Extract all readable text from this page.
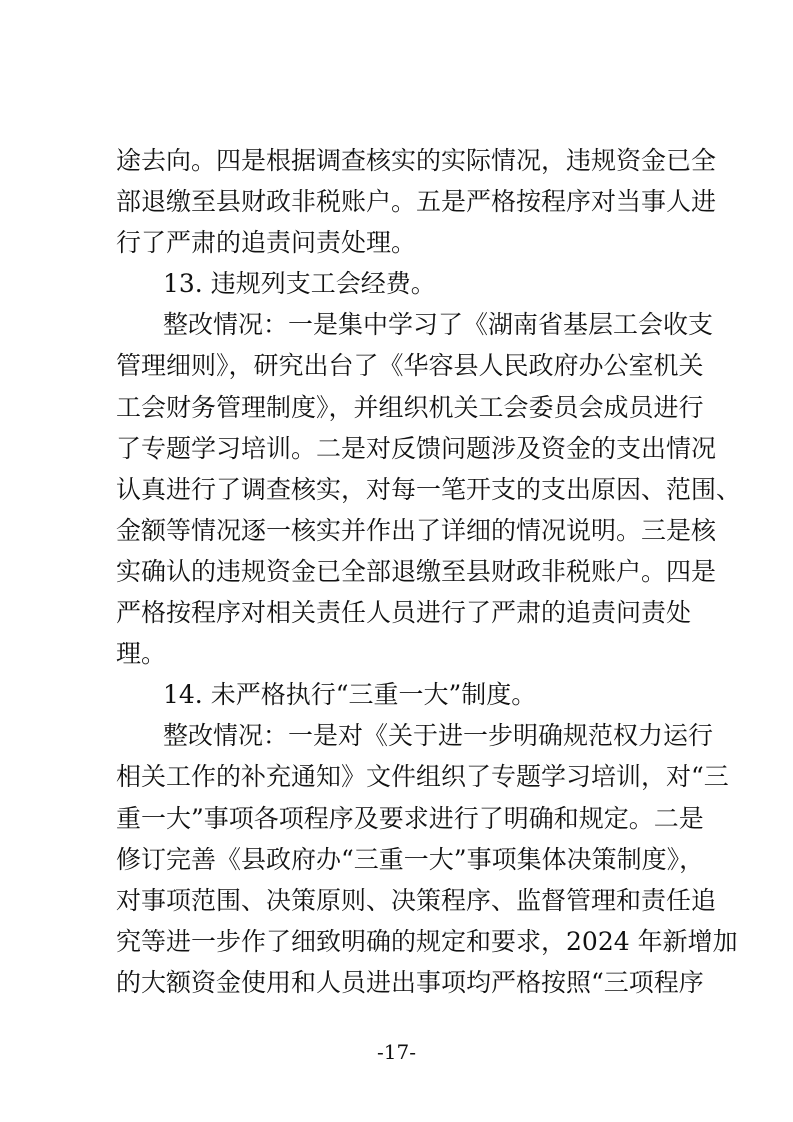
途去向。四是根据调查核实的实际情况，违规资金已全
部退缴至县财政非税账户。五是严格按程序对当事人进
行了严肃的追责问责处理。
13. 违规列支工会经费。
整改情况：一是集中学习了《湖南省基层工会收支
管理细则》，研究出台了《华容县人民政府办公室机关
工会财务管理制度》，并组织机关工会委员会成员进行
了专题学习培训。二是对反馈问题涉及资金的支出情况
认真进行了调查核实，对每一笔开支的支出原因、范围、
金额等情况逐一核实并作出了详细的情况说明。三是核
实确认的违规资金已全部退缴至县财政非税账户。四是
严格按程序对相关责任人员进行了严肃的追责问责处
理。
14. 未严格执行“三重一大”制度。
整改情况：一是对《关于进一步明确规范权力运行
相关工作的补充通知》文件组织了专题学习培训，对“三
重一大”事项各项程序及要求进行了明确和规定。二是
修订完善《县政府办“三重一大”事项集体决策制度》，
对事项范围、决策原则、决策程序、监督管理和责任追
究等进一步作了细致明确的规定和要求，2024 年新增加
的大额资金使用和人员进出事项均严格按照“三项程序
-17-
